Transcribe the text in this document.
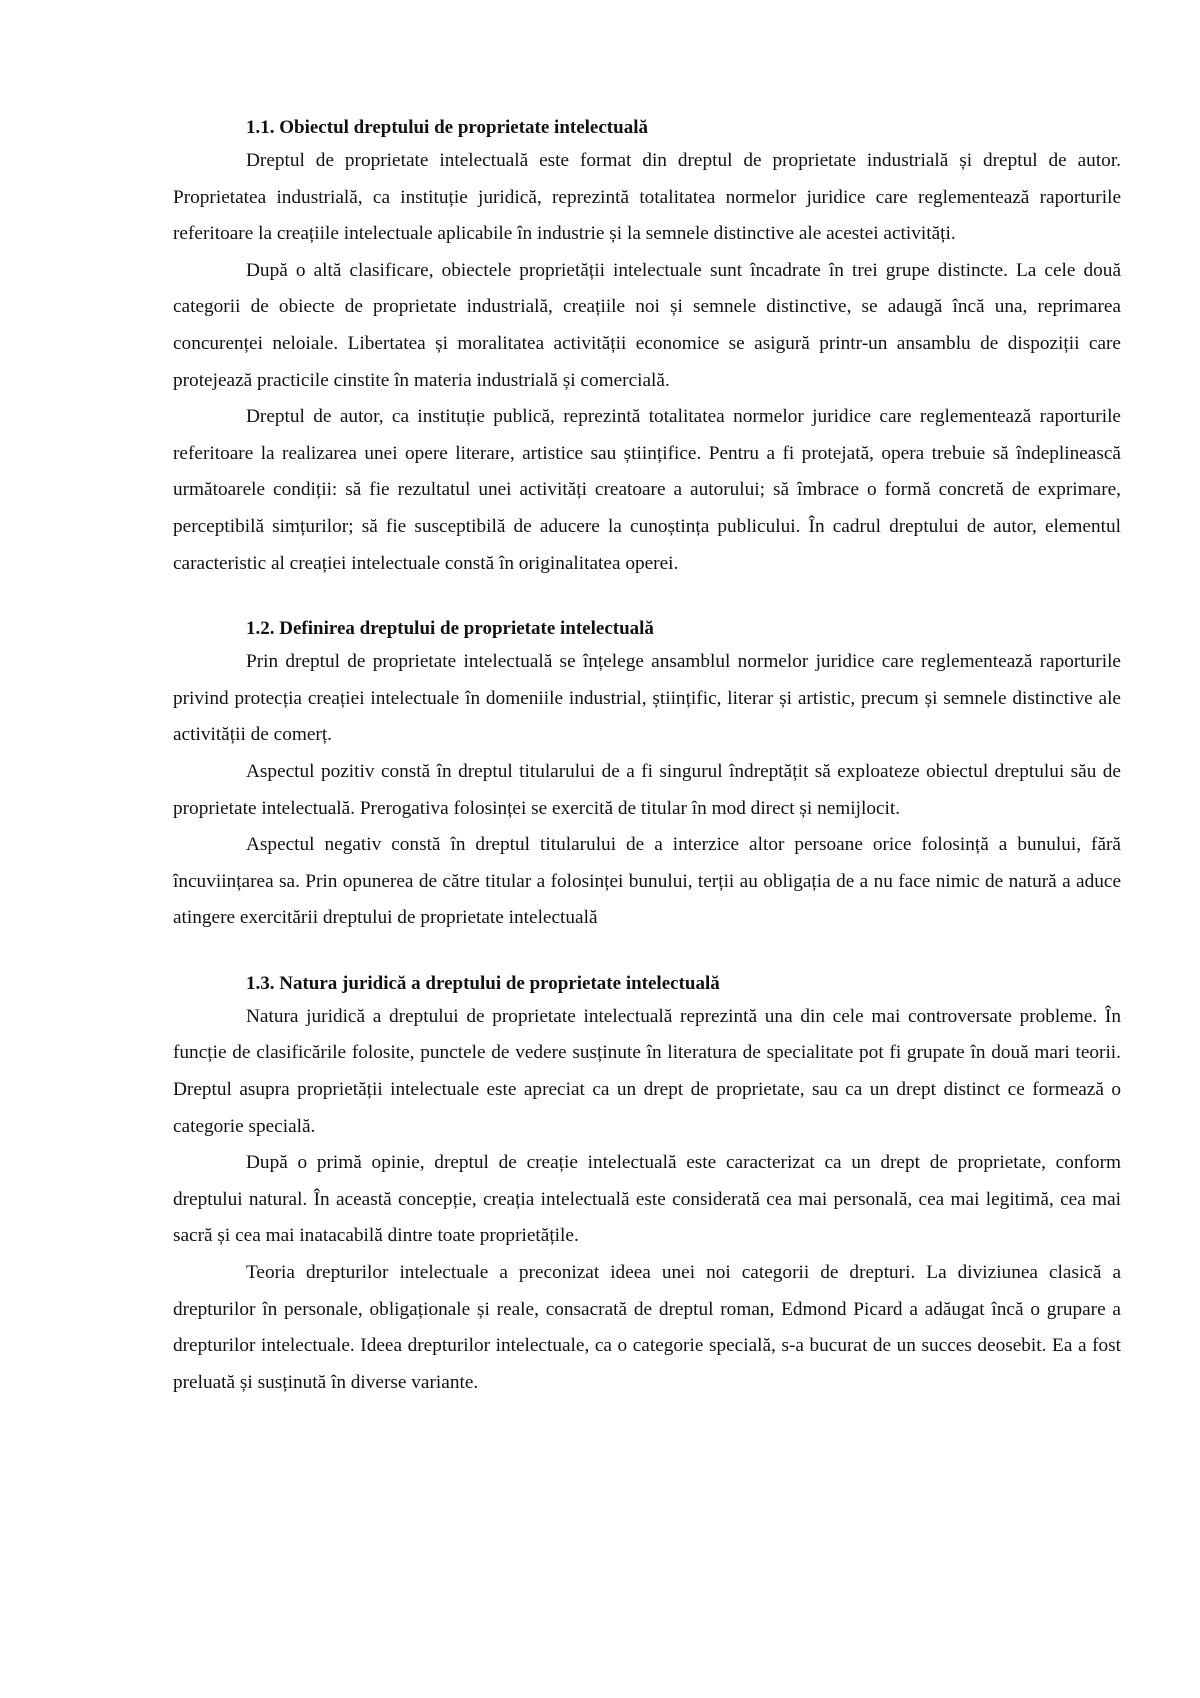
1.1. Obiectul dreptului de proprietate intelectuală

Dreptul de proprietate intelectuală este format din dreptul de proprietate industrială și dreptul de autor. Proprietatea industrială, ca instituție juridică, reprezintă totalitatea normelor juridice care reglementează raporturile referitoare la creațiile intelectuale aplicabile în industrie și la semnele distinctive ale acestei activități.

După o altă clasificare, obiectele proprietății intelectuale sunt încadrate în trei grupe distincte. La cele două categorii de obiecte de proprietate industrială, creațiile noi și semnele distinctive, se adaugă încă una, reprimarea concurenței neloiale. Libertatea și moralitatea activității economice se asigură printr-un ansamblu de dispoziții care protejează practicile cinstite în materia industrială și comercială.

Dreptul de autor, ca instituție publică, reprezintă totalitatea normelor juridice care reglementează raporturile referitoare la realizarea unei opere literare, artistice sau științifice. Pentru a fi protejată, opera trebuie să îndeplinească următoarele condiții: să fie rezultatul unei activități creatoare a autorului; să îmbrace o formă concretă de exprimare, perceptibilă simțurilor; să fie susceptibilă de aducere la cunoștința publicului. În cadrul dreptului de autor, elementul caracteristic al creației intelectuale constă în originalitatea operei.

1.2. Definirea dreptului de proprietate intelectuală

Prin dreptul de proprietate intelectuală se înțelege ansamblul normelor juridice care reglementează raporturile privind protecția creației intelectuale în domeniile industrial, științific, literar și artistic, precum și semnele distinctive ale activității de comerț.

Aspectul pozitiv constă în dreptul titularului de a fi singurul îndreptățit să exploateze obiectul dreptului său de proprietate intelectuală. Prerogativa folosinței se exercită de titular în mod direct și nemijlocit.

Aspectul negativ constă în dreptul titularului de a interzice altor persoane orice folosință a bunului, fără încuviințarea sa. Prin opunerea de către titular a folosinței bunului, terții au obligația de a nu face nimic de natură a aduce atingere exercitării dreptului de proprietate intelectuală

1.3. Natura juridică a dreptului de proprietate intelectuală

Natura juridică a dreptului de proprietate intelectuală reprezintă una din cele mai controversate probleme. În funcție de clasificările folosite, punctele de vedere susținute în literatura de specialitate pot fi grupate în două mari teorii. Dreptul asupra proprietății intelectuale este apreciat ca un drept de proprietate, sau ca un drept distinct ce formează o categorie specială.

După o primă opinie, dreptul de creație intelectuală este caracterizat ca un drept de proprietate, conform dreptului natural. În această concepție, creația intelectuală este considerată cea mai personală, cea mai legitimă, cea mai sacră și cea mai inatacabilă dintre toate proprietățile.

Teoria drepturilor intelectuale a preconizat ideea unei noi categorii de drepturi. La diviziunea clasică a drepturilor în personale, obligaționale și reale, consacrată de dreptul roman, Edmond Picard a adăugat încă o grupare a drepturilor intelectuale. Ideea drepturilor intelectuale, ca o categorie specială, s-a bucurat de un succes deosebit. Ea a fost preluată și susținută în diverse variante.
